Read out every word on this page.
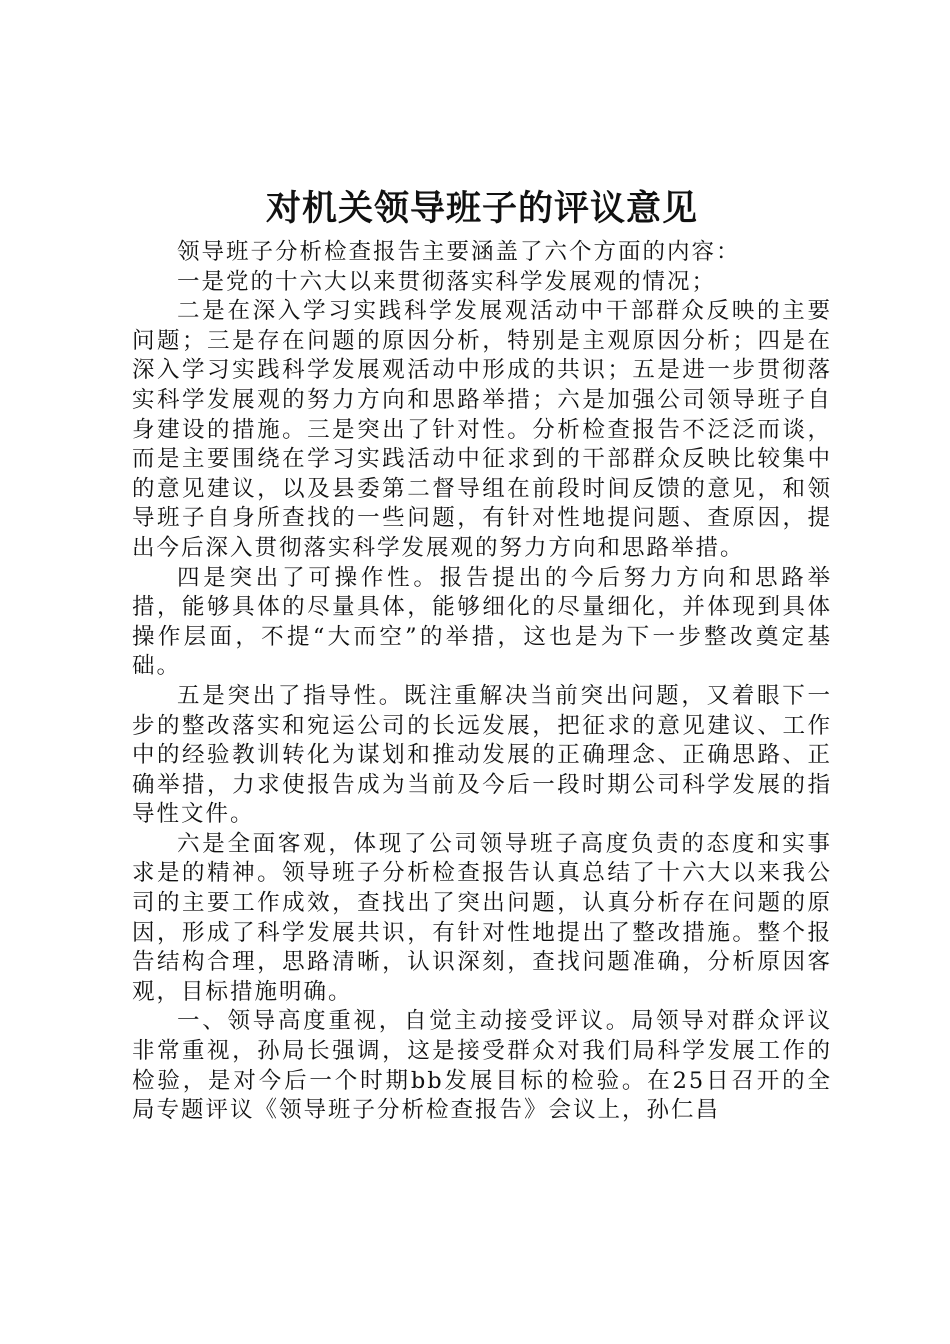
对机关领导班子的评议意见

领导班子分析检查报告主要涵盖了六个方面的内容：

一是党的十六大以来贯彻落实科学发展观的情况；

二是在深入学习实践科学发展观活动中干部群众反映的主要问题；三是存在问题的原因分析，特别是主观原因分析；四是在深入学习实践科学发展观活动中形成的共识；五是进一步贯彻落实科学发展观的努力方向和思路举措；六是加强公司领导班子自身建设的措施。三是突出了针对性。分析检查报告不泛泛而谈，而是主要围绕在学习实践活动中征求到的干部群众反映比较集中的意见建议，以及县委第二督导组在前段时间反馈的意见，和领导班子自身所查找的一些问题，有针对性地提问题、查原因，提出今后深入贯彻落实科学发展观的努力方向和思路举措。

四是突出了可操作性。报告提出的今后努力方向和思路举措，能够具体的尽量具体，能够细化的尽量细化，并体现到具体操作层面，不提“大而空”的举措，这也是为下一步整改奠定基础。

五是突出了指导性。既注重解决当前突出问题，又着眼下一步的整改落实和宛运公司的长远发展，把征求的意见建议、工作中的经验教训转化为谋划和推动发展的正确理念、正确思路、正确举措，力求使报告成为当前及今后一段时期公司科学发展的指导性文件。

六是全面客观，体现了公司领导班子高度负责的态度和实事求是的精神。领导班子分析检查报告认真总结了十六大以来我公司的主要工作成效，查找出了突出问题，认真分析存在问题的原因，形成了科学发展共识，有针对性地提出了整改措施。整个报告结构合理，思路清晰，认识深刻，查找问题准确，分析原因客观，目标措施明确。

一、领导高度重视，自觉主动接受评议。局领导对群众评议非常重视，孙局长强调，这是接受群众对我们局科学发展工作的检验，是对今后一个时期bb发展目标的检验。在25日召开的全局专题评议《领导班子分析检查报告》会议上，孙仁昌
